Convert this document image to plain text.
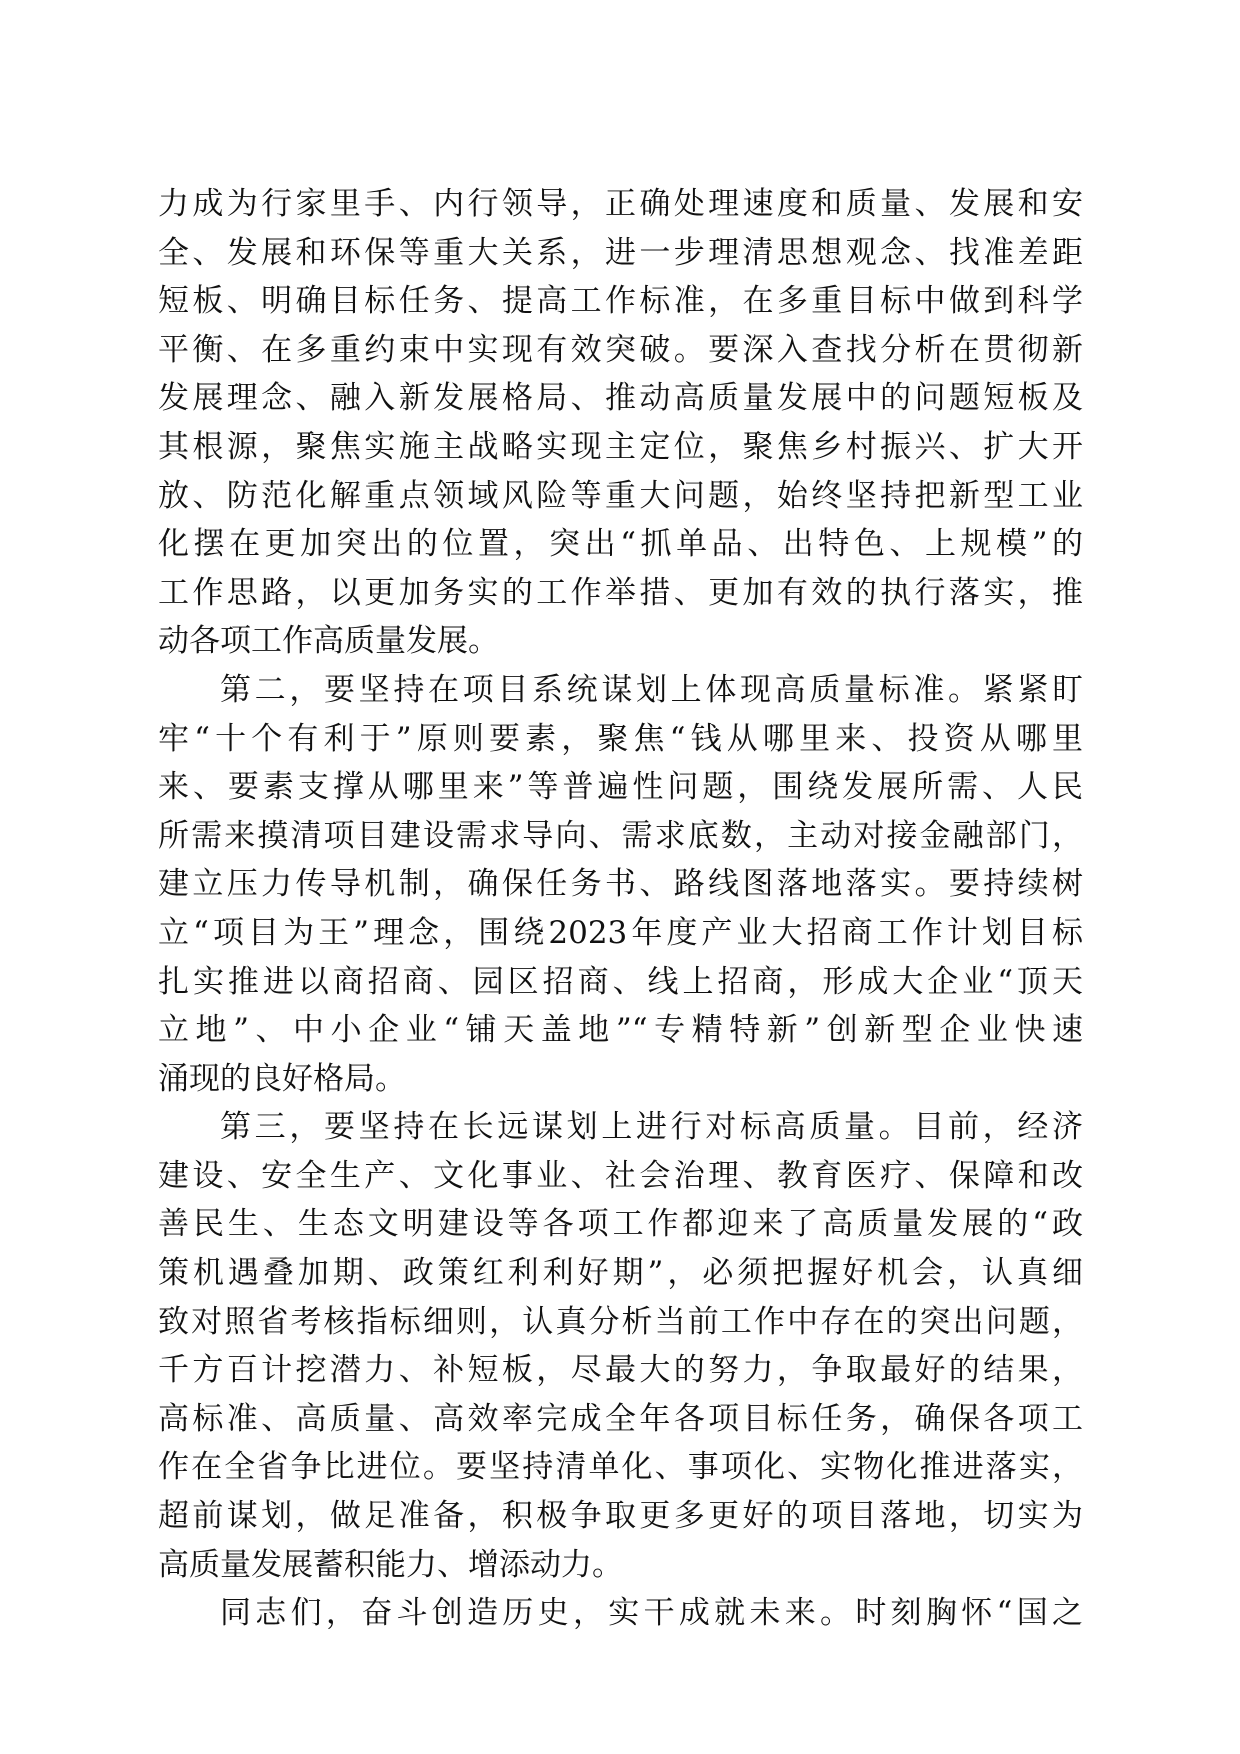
力成为行家里手、内行领导，正确处理速度和质量、发展和安
全、发展和环保等重大关系，进一步理清思想观念、找准差距
短板、明确目标任务、提高工作标准，在多重目标中做到科学
平衡、在多重约束中实现有效突破。要深入查找分析在贯彻新
发展理念、融入新发展格局、推动高质量发展中的问题短板及
其根源，聚焦实施主战略实现主定位，聚焦乡村振兴、扩大开
放、防范化解重点领域风险等重大问题，始终坚持把新型工业
化摆在更加突出的位置，突出“抓单品、出特色、上规模”的
工作思路，以更加务实的工作举措、更加有效的执行落实，推
动各项工作高质量发展。
第二，要坚持在项目系统谋划上体现高质量标准。紧紧盯
牢“十个有利于”原则要素，聚焦“钱从哪里来、投资从哪里
来、要素支撑从哪里来”等普遍性问题，围绕发展所需、人民
所需来摸清项目建设需求导向、需求底数，主动对接金融部门，
建立压力传导机制，确保任务书、路线图落地落实。要持续树
立“项目为王”理念，围绕2023年度产业大招商工作计划目标
扎实推进以商招商、园区招商、线上招商，形成大企业“顶天
立地”、中小企业“铺天盖地”“专精特新”创新型企业快速
涌现的良好格局。
第三，要坚持在长远谋划上进行对标高质量。目前，经济
建设、安全生产、文化事业、社会治理、教育医疗、保障和改
善民生、生态文明建设等各项工作都迎来了高质量发展的“政
策机遇叠加期、政策红利利好期”，必须把握好机会，认真细
致对照省考核指标细则，认真分析当前工作中存在的突出问题，
千方百计挖潜力、补短板，尽最大的努力，争取最好的结果，
高标准、高质量、高效率完成全年各项目标任务，确保各项工
作在全省争比进位。要坚持清单化、事项化、实物化推进落实，
超前谋划，做足准备，积极争取更多更好的项目落地，切实为
高质量发展蓄积能力、增添动力。
同志们，奋斗创造历史，实干成就未来。时刻胸怀“国之
